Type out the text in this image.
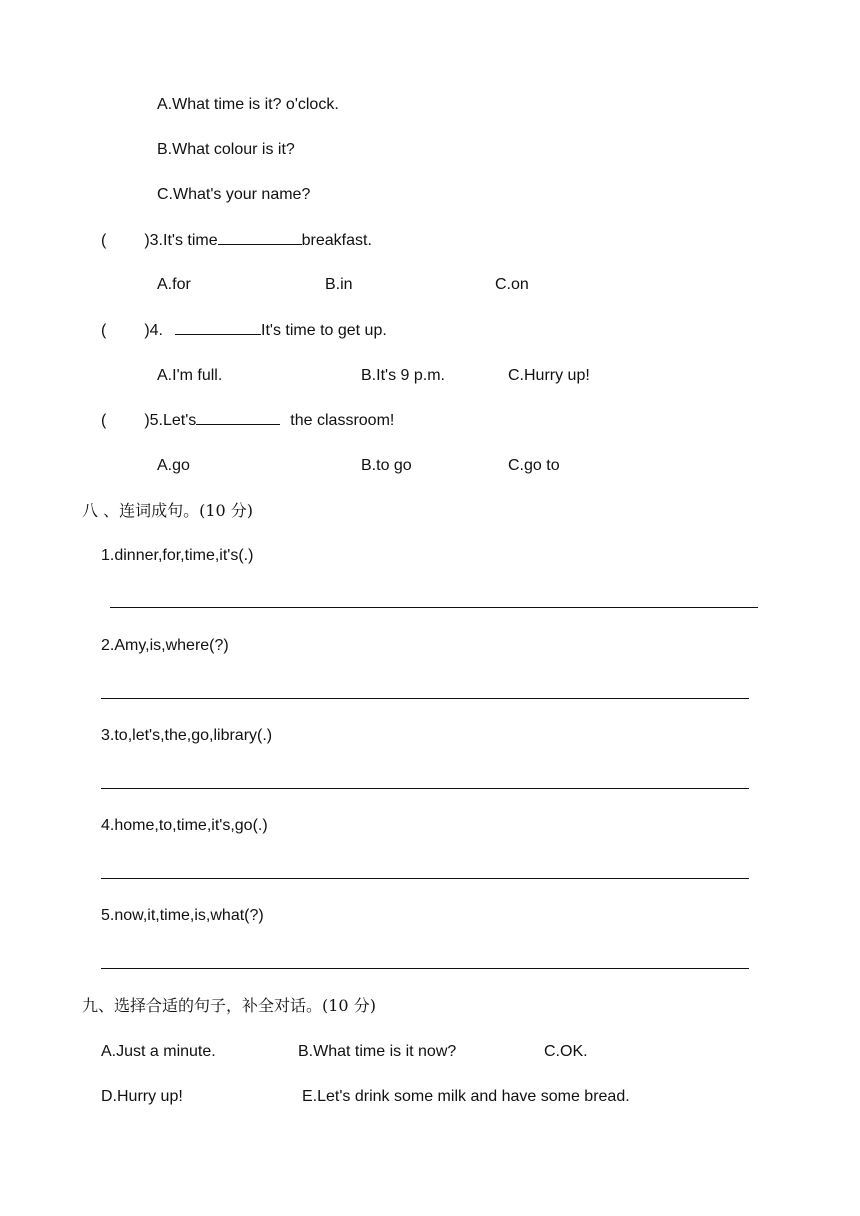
A.What time is it? o'clock.
B.What colour is it?
C.What's your name?
( )3.It's time	breakfast.
A.for	B.in	C.on
( )4.	It's time to get up.
A.I'm full.	B.It's 9 p.m.	C.Hurry up!
( )5.Let's	the classroom!
A.go	B.to go	C.go to
八 、连词成句。(10 分)
1.dinner,for,time,it's(.)
2.Amy,is,where(?)
3.to,let's,the,go,library(.)
4.home,to,time,it's,go(.)
5.now,it,time,is,what(?)
九、选择合适的句子，补全对话。(10 分)
A.Just a minute.	B.What time is it now?	C.OK.
D.Hurry up!	E.Let's drink some milk and have some bread.
